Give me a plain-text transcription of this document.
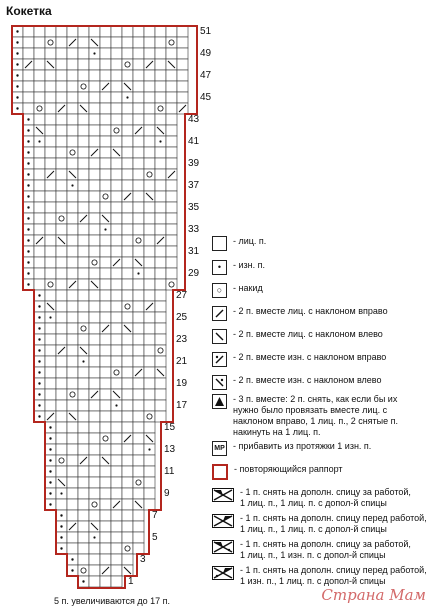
Кокетка
51
49
47
45
43
41
39
37
35
33
31
29
27
25
23
21
19
17
15
13
11
9
7
5
3
1
5 п. увеличиваются до 17 п.
- лиц. п.
•	- изн. п.
○	- накид
- 2 п. вместе лиц. с наклоном вправо
- 2 п. вместе лиц. с наклоном влево
- 2 п. вместе изн. с наклоном вправо
- 2 п. вместе изн. с наклоном влево
- 3 п. вместе: 2 п. снять, как если бы их
нужно было провязать вместе лиц. с
наклоном вправо, 1 лиц. п., 2 снятые п.
накинуть на 1 лиц. п.
MP - прибавить из протяжки 1 изн. п.
- повторяющийся раппорт
- 1 п. снять на дополн. спицу за работой,
1 лиц. п., 1 лиц. п. с допол-й спицы
- 1 п. снять на дополн. спицу перед работой,
1 лиц. п., 1 лиц. п. с допол-й спицы
- 1 п. снять на дополн. спицу за работой,
1 лиц. п., 1 изн. п. с допол-й спицы
- 1 п. снять на дополн. спицу перед работой,
1 изн. п., 1 лиц. п. с допол-й спицы
Страна Мам
